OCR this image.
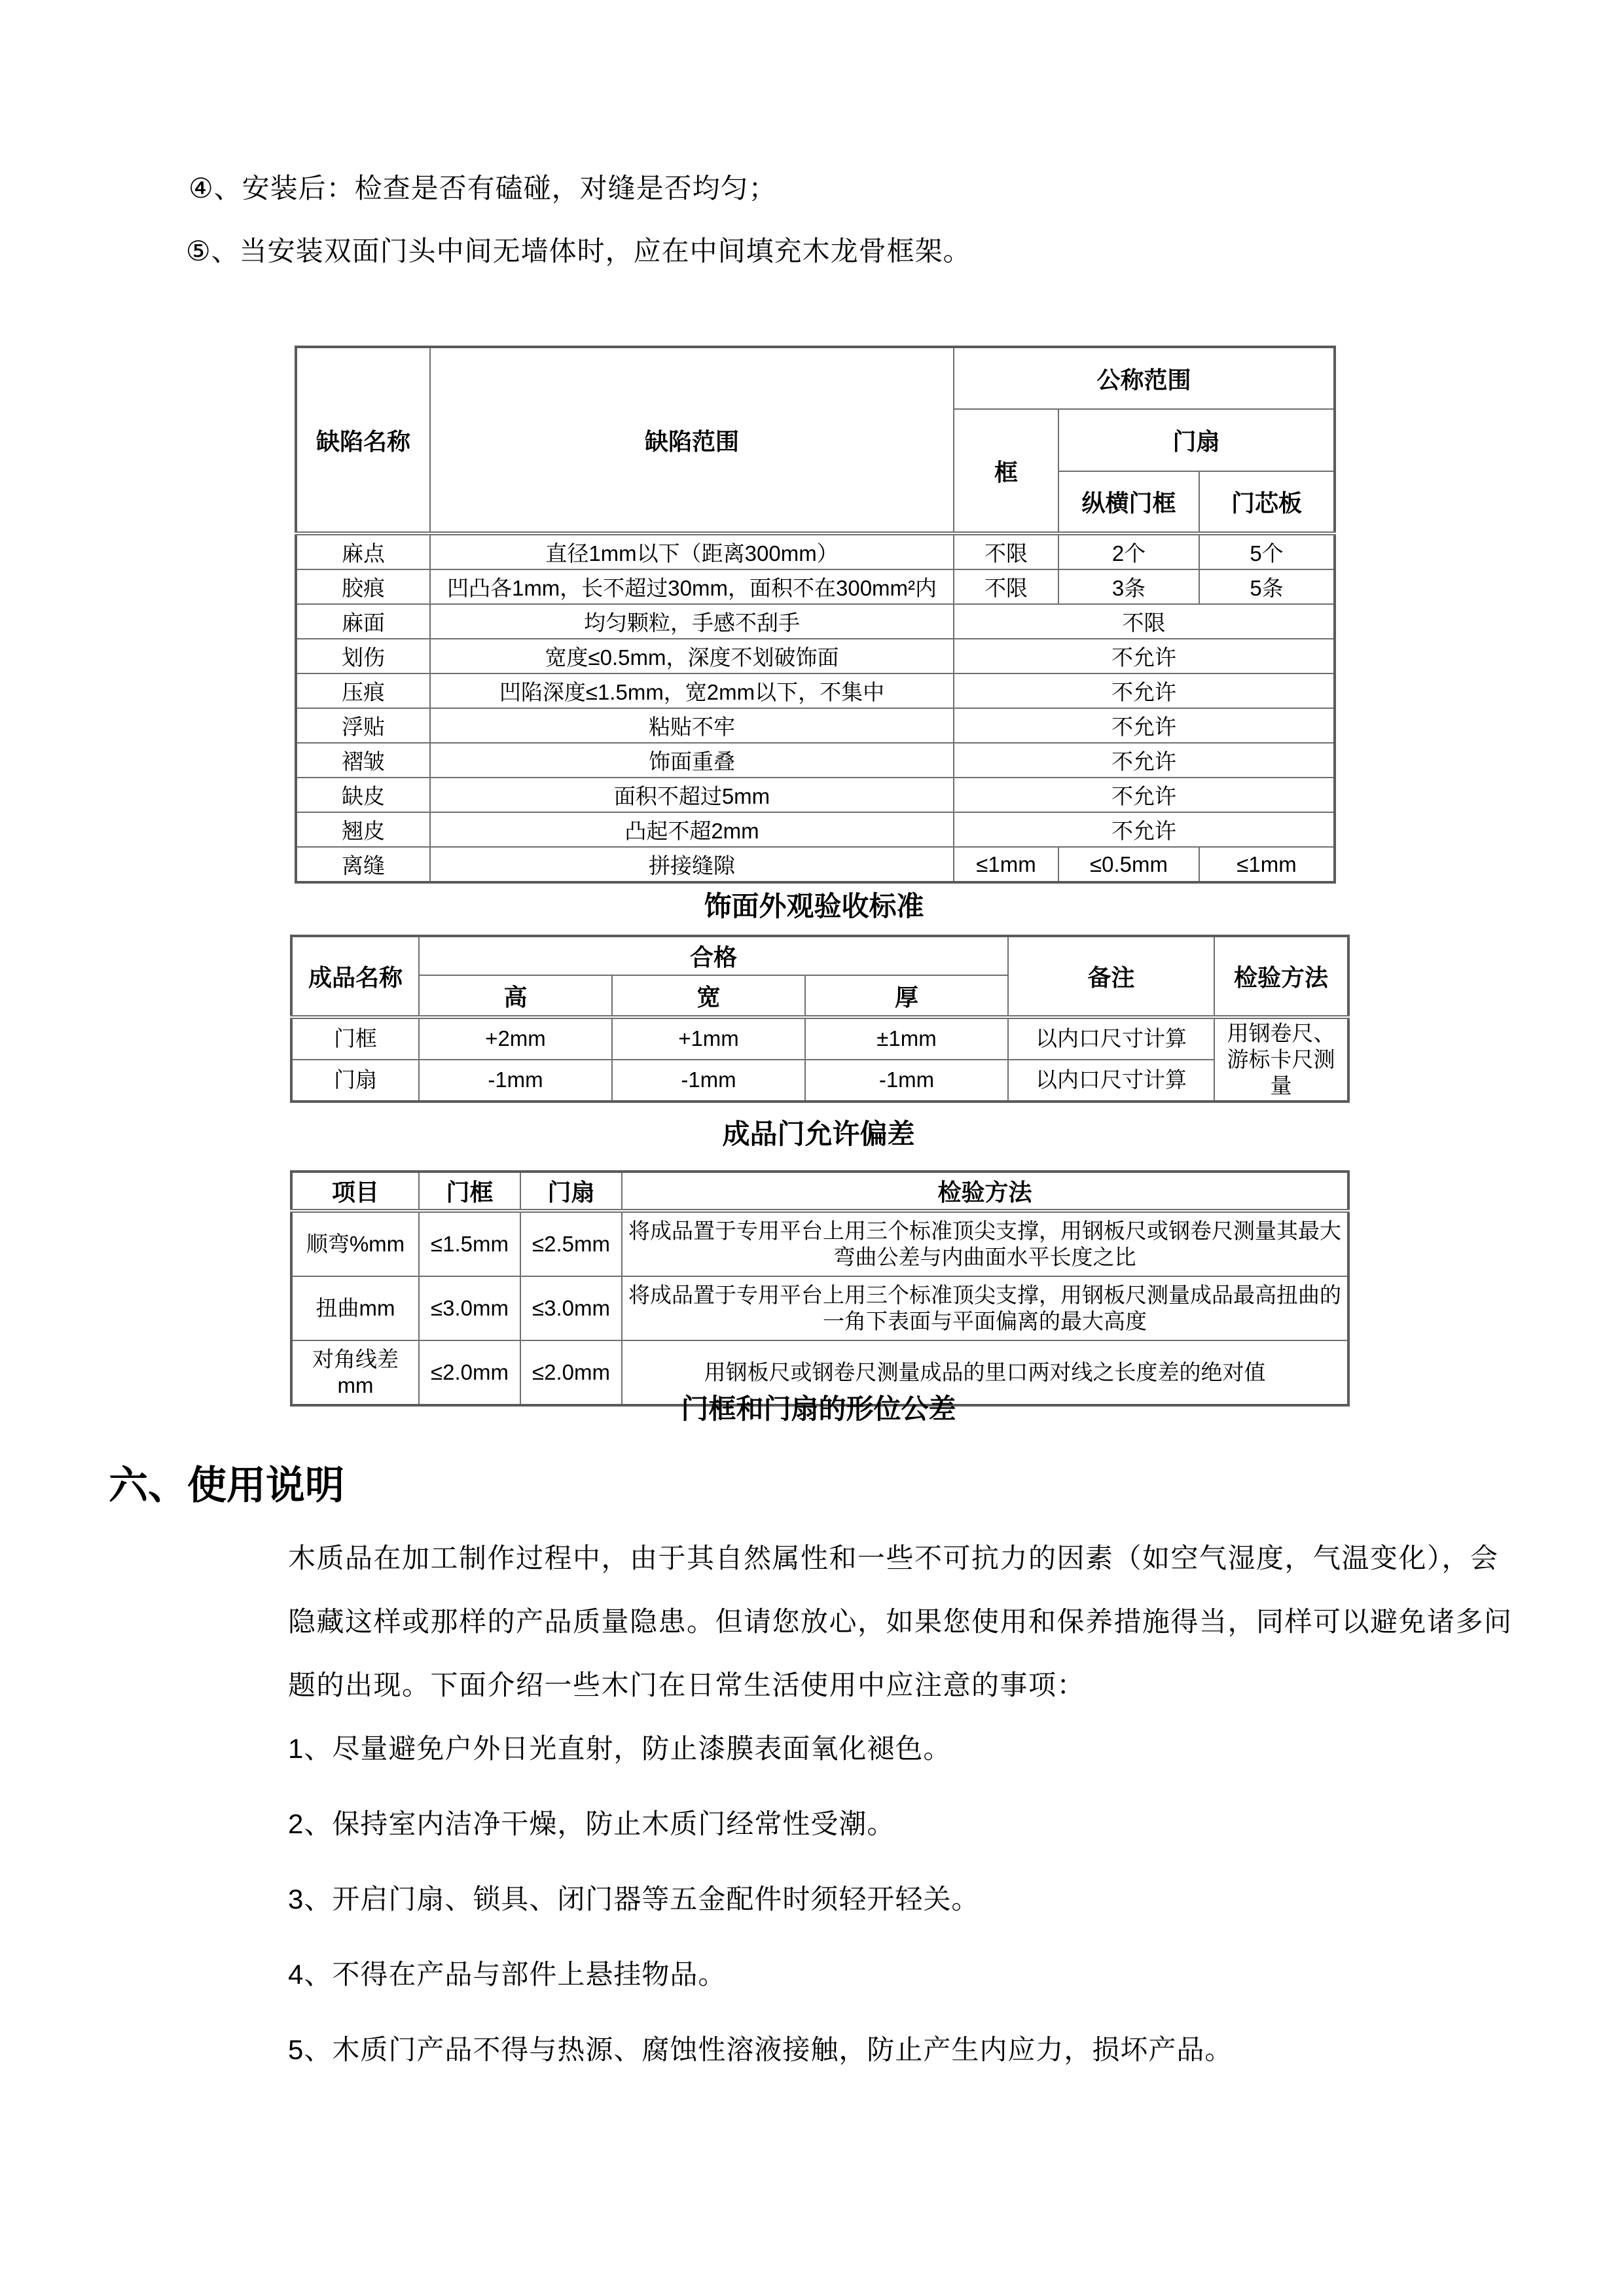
④、安装后：检查是否有磕碰，对缝是否均匀；
⑤、当安装双面门头中间无墙体时，应在中间填充木龙骨框架。
缺陷名称	缺陷范围	公称范围		
		框	门扇	
			纵横门框	门芯板
麻点	直径1mm以下（距离300mm）	不限	2个	5个
胶痕	凹凸各1mm，长不超过30mm，面积不在300mm²内	不限	3条	5条
麻面	均匀颗粒，手感不刮手	不限		
划伤	宽度≤0.5mm，深度不划破饰面	不允许		
压痕	凹陷深度≤1.5mm，宽2mm以下，不集中	不允许		
浮贴	粘贴不牢	不允许		
褶皱	饰面重叠	不允许		
缺皮	面积不超过5mm	不允许		
翘皮	凸起不超2mm	不允许		
离缝	拼接缝隙	≤1mm	≤0.5mm	≤1mm
饰面外观验收标准
成品名称	合格			备注	检验方法
	高	宽	厚		
门框	+2mm	+1mm	±1mm	以内口尺寸计算	用钢卷尺、游标卡尺测量
门扇	-1mm	-1mm	-1mm	以内口尺寸计算	
成品门允许偏差
项目	门框	门扇	检验方法
顺弯%mm	≤1.5mm	≤2.5mm	将成品置于专用平台上用三个标准顶尖支撑，用钢板尺或钢卷尺测量其最大弯曲公差与内曲面水平长度之比
扭曲mm	≤3.0mm	≤3.0mm	将成品置于专用平台上用三个标准顶尖支撑，用钢板尺测量成品最高扭曲的一角下表面与平面偏离的最大高度
对角线差mm	≤2.0mm	≤2.0mm	用钢板尺或钢卷尺测量成品的里口两对线之长度差的绝对值
门框和门扇的形位公差
六、使用说明
木质品在加工制作过程中，由于其自然属性和一些不可抗力的因素（如空气湿度，气温变化），会
隐藏这样或那样的产品质量隐患。但请您放心，如果您使用和保养措施得当，同样可以避免诸多问
题的出现。下面介绍一些木门在日常生活使用中应注意的事项：
1、尽量避免户外日光直射，防止漆膜表面氧化褪色。
2、保持室内洁净干燥，防止木质门经常性受潮。
3、开启门扇、锁具、闭门器等五金配件时须轻开轻关。
4、不得在产品与部件上悬挂物品。
5、木质门产品不得与热源、腐蚀性溶液接触，防止产生内应力，损坏产品。
